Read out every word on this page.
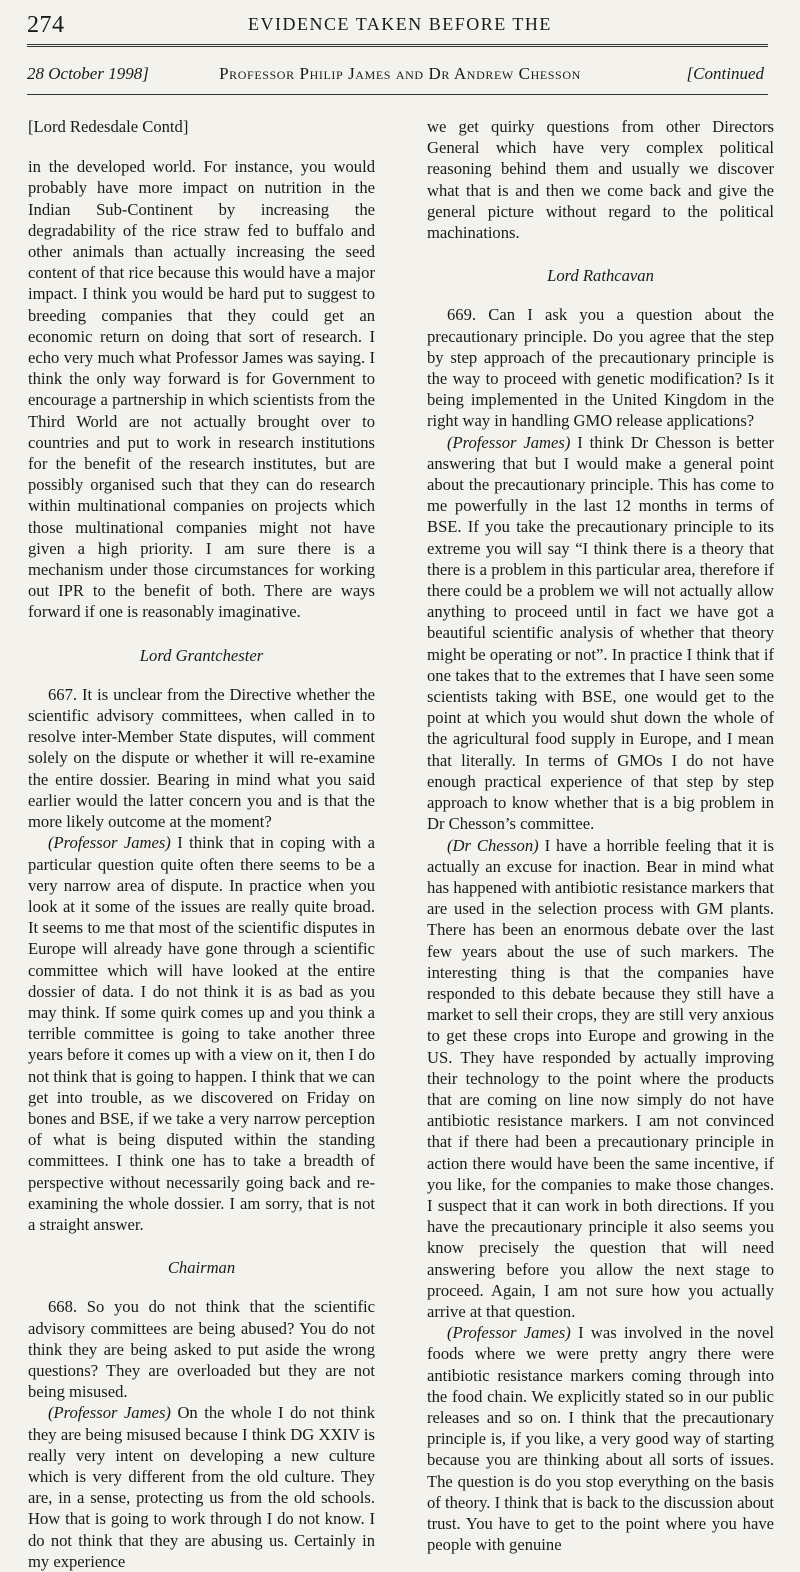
274	EVIDENCE TAKEN BEFORE THE
28 October 1998]	Professor Philip James and Dr Andrew Chesson	[Continued
[Lord Redesdale Contd]

in the developed world. For instance, you would probably have more impact on nutrition in the Indian Sub-Continent by increasing the degradability of the rice straw fed to buffalo and other animals than actually increasing the seed content of that rice because this would have a major impact. I think you would be hard put to suggest to breeding companies that they could get an economic return on doing that sort of research. I echo very much what Professor James was saying. I think the only way forward is for Government to encourage a partnership in which scientists from the Third World are not actually brought over to countries and put to work in research institutions for the benefit of the research institutes, but are possibly organised such that they can do research within multinational companies on projects which those multinational companies might not have given a high priority. I am sure there is a mechanism under those circumstances for working out IPR to the benefit of both. There are ways forward if one is reasonably imaginative.

Lord Grantchester

667. It is unclear from the Directive whether the scientific advisory committees, when called in to resolve inter-Member State disputes, will comment solely on the dispute or whether it will re-examine the entire dossier. Bearing in mind what you said earlier would the latter concern you and is that the more likely outcome at the moment?

(Professor James) I think that in coping with a particular question quite often there seems to be a very narrow area of dispute. In practice when you look at it some of the issues are really quite broad. It seems to me that most of the scientific disputes in Europe will already have gone through a scientific committee which will have looked at the entire dossier of data. I do not think it is as bad as you may think. If some quirk comes up and you think a terrible committee is going to take another three years before it comes up with a view on it, then I do not think that is going to happen. I think that we can get into trouble, as we discovered on Friday on bones and BSE, if we take a very narrow perception of what is being disputed within the standing committees. I think one has to take a breadth of perspective without necessarily going back and re-examining the whole dossier. I am sorry, that is not a straight answer.

Chairman

668. So you do not think that the scientific advisory committees are being abused? You do not think they are being asked to put aside the wrong questions? They are overloaded but they are not being misused.

(Professor James) On the whole I do not think they are being misused because I think DG XXIV is really very intent on developing a new culture which is very different from the old culture. They are, in a sense, protecting us from the old schools. How that is going to work through I do not know. I do not think that they are abusing us. Certainly in my experience

we get quirky questions from other Directors General which have very complex political reasoning behind them and usually we discover what that is and then we come back and give the general picture without regard to the political machinations.

Lord Rathcavan

669. Can I ask you a question about the precautionary principle. Do you agree that the step by step approach of the precautionary principle is the way to proceed with genetic modification? Is it being implemented in the United Kingdom in the right way in handling GMO release applications?

(Professor James) I think Dr Chesson is better answering that but I would make a general point about the precautionary principle. This has come to me powerfully in the last 12 months in terms of BSE. If you take the precautionary principle to its extreme you will say “I think there is a theory that there is a problem in this particular area, therefore if there could be a problem we will not actually allow anything to proceed until in fact we have got a beautiful scientific analysis of whether that theory might be operating or not”. In practice I think that if one takes that to the extremes that I have seen some scientists taking with BSE, one would get to the point at which you would shut down the whole of the agricultural food supply in Europe, and I mean that literally. In terms of GMOs I do not have enough practical experience of that step by step approach to know whether that is a big problem in Dr Chesson’s committee.

(Dr Chesson) I have a horrible feeling that it is actually an excuse for inaction. Bear in mind what has happened with antibiotic resistance markers that are used in the selection process with GM plants. There has been an enormous debate over the last few years about the use of such markers. The interesting thing is that the companies have responded to this debate because they still have a market to sell their crops, they are still very anxious to get these crops into Europe and growing in the US. They have responded by actually improving their technology to the point where the products that are coming on line now simply do not have antibiotic resistance markers. I am not convinced that if there had been a precautionary principle in action there would have been the same incentive, if you like, for the companies to make those changes. I suspect that it can work in both directions. If you have the precautionary principle it also seems you know precisely the question that will need answering before you allow the next stage to proceed. Again, I am not sure how you actually arrive at that question.

(Professor James) I was involved in the novel foods where we were pretty angry there were antibiotic resistance markers coming through into the food chain. We explicitly stated so in our public releases and so on. I think that the precautionary principle is, if you like, a very good way of starting because you are thinking about all sorts of issues. The question is do you stop everything on the basis of theory. I think that is back to the discussion about trust. You have to get to the point where you have people with genuine
